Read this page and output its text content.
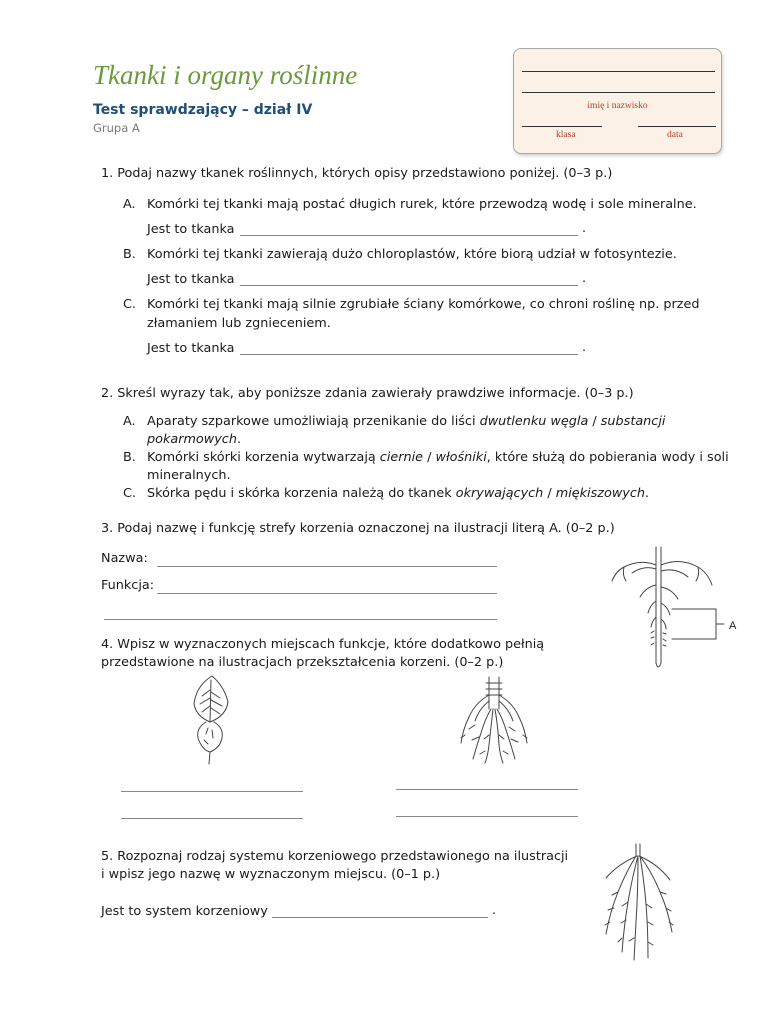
Tkanki i organy roślinne
Test sprawdzający – dział IV
Grupa A
imię i nazwisko
klasa	data
1. Podaj nazwy tkanek roślinnych, których opisy przedstawiono poniżej. (0–3 p.)
A. Komórki tej tkanki mają postać długich rurek, które przewodzą wodę i sole mineralne.
Jest to tkanka	.
B. Komórki tej tkanki zawierają dużo chloroplastów, które biorą udział w fotosyntezie.
Jest to tkanka	.
C. Komórki tej tkanki mają silnie zgrubiałe ściany komórkowe, co chroni roślinę np. przed
złamaniem lub zgnieceniem.
Jest to tkanka	.
2. Skreśl wyrazy tak, aby poniższe zdania zawierały prawdziwe informacje. (0–3 p.)
A. Aparaty szparkowe umożliwiają przenikanie do liści dwutlenku węgla / substancji
pokarmowych.
B. Komórki skórki korzenia wytwarzają ciernie / włośniki, które służą do pobierania wody i soli
mineralnych.
C. Skórka pędu i skórka korzenia należą do tkanek okrywających / miękiszowych.
3. Podaj nazwę i funkcję strefy korzenia oznaczonej na ilustracji literą A. (0–2 p.)
Nazwa:
Funkcja:
A
4. Wpisz w wyznaczonych miejscach funkcje, które dodatkowo pełnią
przedstawione na ilustracjach przekształcenia korzeni. (0–2 p.)
5. Rozpoznaj rodzaj systemu korzeniowego przedstawionego na ilustracji
i wpisz jego nazwę w wyznaczonym miejscu. (0–1 p.)
Jest to system korzeniowy	.
